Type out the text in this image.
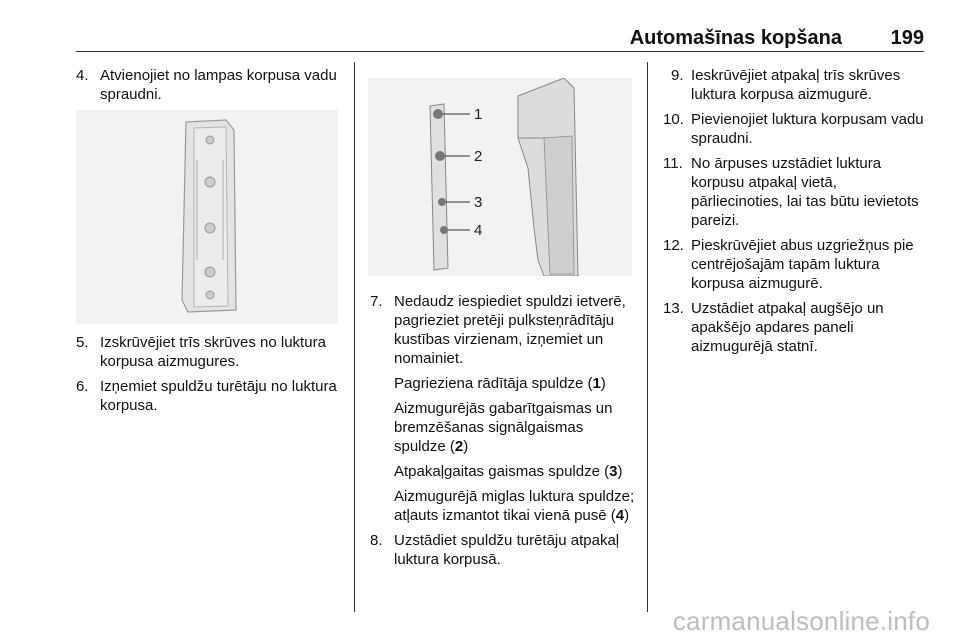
Automašīnas kopšana 199
4. Atvienojiet no lampas korpusa vadu spraudni.
5. Izskrūvējiet trīs skrūves no luktura korpusa aizmugures.
6. Izņemiet spuldžu turētāju no luktura korpusa.
1
2
3
4
7. Nedaudz iespiediet spuldzi ietverē, pagrieziet pretēji pulksteņrādītāju kustības virzienam, izņemiet un nomainiet.
Pagrieziena rādītāja spuldze (1)
Aizmugurējās gabarītgaismas un bremzēšanas signālgaismas spuldze (2)
Atpakaļgaitas gaismas spuldze (3)
Aizmugurējā miglas luktura spuldze; atļauts izmantot tikai vienā pusē (4)
8. Uzstādiet spuldžu turētāju atpakaļ luktura korpusā.
9. Ieskrūvējiet atpakaļ trīs skrūves luktura korpusa aizmugurē.
10. Pievienojiet luktura korpusam vadu spraudni.
11. No ārpuses uzstādiet luktura korpusu atpakaļ vietā, pārliecinoties, lai tas būtu ievietots pareizi.
12. Pieskrūvējiet abus uzgriežņus pie centrējošajām tapām luktura korpusa aizmugurē.
13. Uzstādiet atpakaļ augšējo un apakšējo apdares paneli aizmugurējā statnī.
carmanualsonline.info
